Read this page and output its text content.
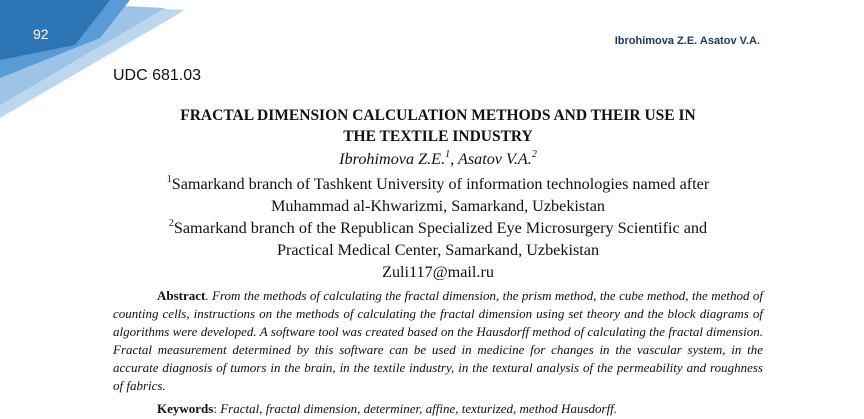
92	Ibrohimova Z.E. Asatov V.A.
UDC 681.03
FRACTAL DIMENSION CALCULATION METHODS AND THEIR USE IN
THE TEXTILE INDUSTRY
Ibrohimova Z.E.$^1$, Asatov V.A.$^2$
$^1$Samarkand branch of Tashkent University of information technologies named after
Muhammad al-Khwarizmi, Samarkand, Uzbekistan
$^2$Samarkand branch of the Republican Specialized Eye Microsurgery Scientific and
Practical Medical Center, Samarkand, Uzbekistan
Zuli117@mail.ru
Abstract. From the methods of calculating the fractal dimension, the prism method, the cube method, the method of counting cells, instructions on the methods of calculating the fractal dimension using set theory and the block diagrams of algorithms were developed. A software tool was created based on the Hausdorff method of calculating the fractal dimension. Fractal measurement determined by this software can be used in medicine for changes in the vascular system, in the accurate diagnosis of tumors in the brain, in the textile industry, in the textural analysis of the permeability and roughness of fabrics.
Keywords: Fractal, fractal dimension, determiner, affine, texturized, method Hausdorff.
